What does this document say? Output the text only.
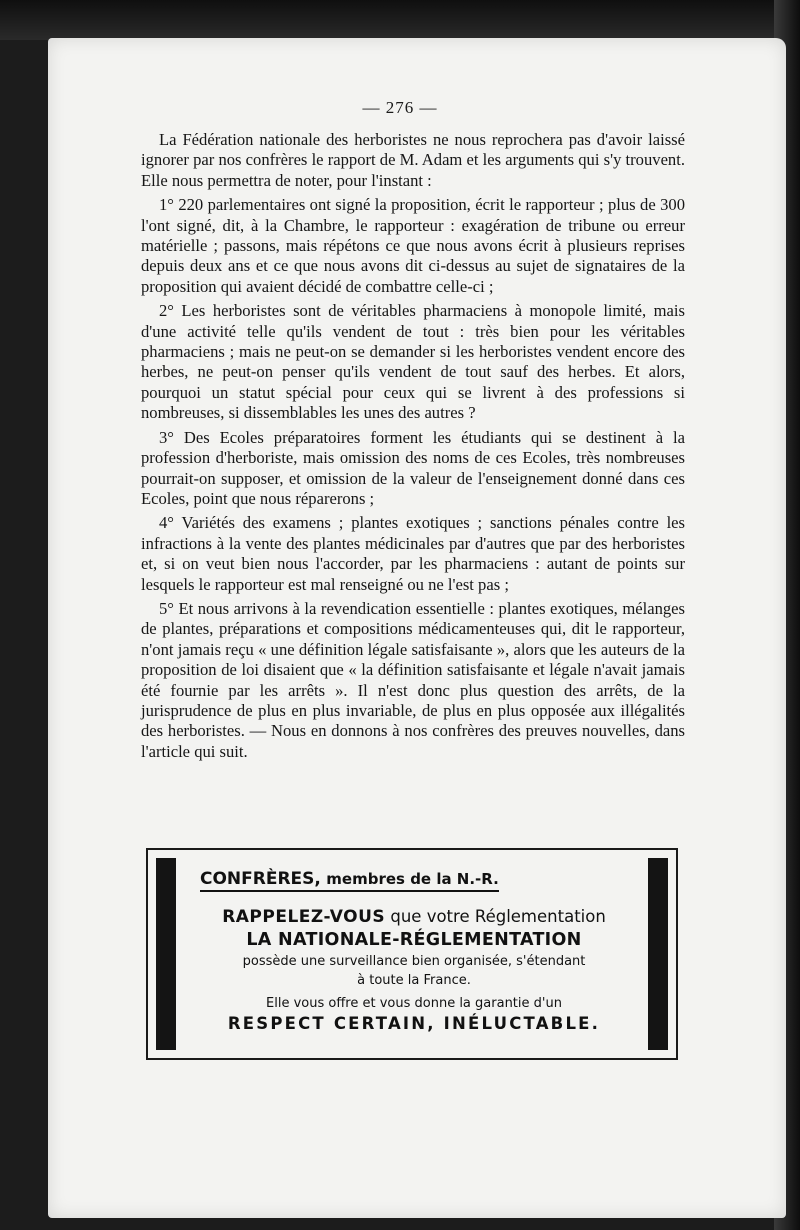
— 276 —

La Fédération nationale des herboristes ne nous reprochera pas d'avoir laissé ignorer par nos confrères le rapport de M. Adam et les arguments qui s'y trouvent. Elle nous permettra de noter, pour l'instant :

1° 220 parlementaires ont signé la proposition, écrit le rapporteur ; plus de 300 l'ont signé, dit, à la Chambre, le rapporteur : exagération de tribune ou erreur matérielle ; passons, mais répétons ce que nous avons écrit à plusieurs reprises depuis deux ans et ce que nous avons dit ci-dessus au sujet de signataires de la proposition qui avaient décidé de combattre celle-ci ;

2° Les herboristes sont de véritables pharmaciens à monopole limité, mais d'une activité telle qu'ils vendent de tout : très bien pour les véritables pharmaciens ; mais ne peut-on se demander si les herboristes vendent encore des herbes, ne peut-on penser qu'ils vendent de tout sauf des herbes. Et alors, pourquoi un statut spécial pour ceux qui se livrent à des professions si nombreuses, si dissemblables les unes des autres ?

3° Des Ecoles préparatoires forment les étudiants qui se destinent à la profession d'herboriste, mais omission des noms de ces Ecoles, très nombreuses pourrait-on supposer, et omission de la valeur de l'enseignement donné dans ces Ecoles, point que nous réparerons ;

4° Variétés des examens ; plantes exotiques ; sanctions pénales contre les infractions à la vente des plantes médicinales par d'autres que par des herboristes et, si on veut bien nous l'accorder, par les pharmaciens : autant de points sur lesquels le rapporteur est mal renseigné ou ne l'est pas ;

5° Et nous arrivons à la revendication essentielle : plantes exotiques, mélanges de plantes, préparations et compositions médicamenteuses qui, dit le rapporteur, n'ont jamais reçu « une définition légale satisfaisante », alors que les auteurs de la proposition de loi disaient que « la définition satisfaisante et légale n'avait jamais été fournie par les arrêts ». Il n'est donc plus question des arrêts, de la jurisprudence de plus en plus invariable, de plus en plus opposée aux illégalités des herboristes. — Nous en donnons à nos confrères des preuves nouvelles, dans l'article qui suit.

CONFRÈRES, membres de la N.-R.
RAPPELEZ-VOUS que votre Réglementation
LA NATIONALE-RÉGLEMENTATION
possède une surveillance bien organisée, s'étendant
à toute la France.
Elle vous offre et vous donne la garantie d'un
RESPECT CERTAIN, INÉLUCTABLE.
